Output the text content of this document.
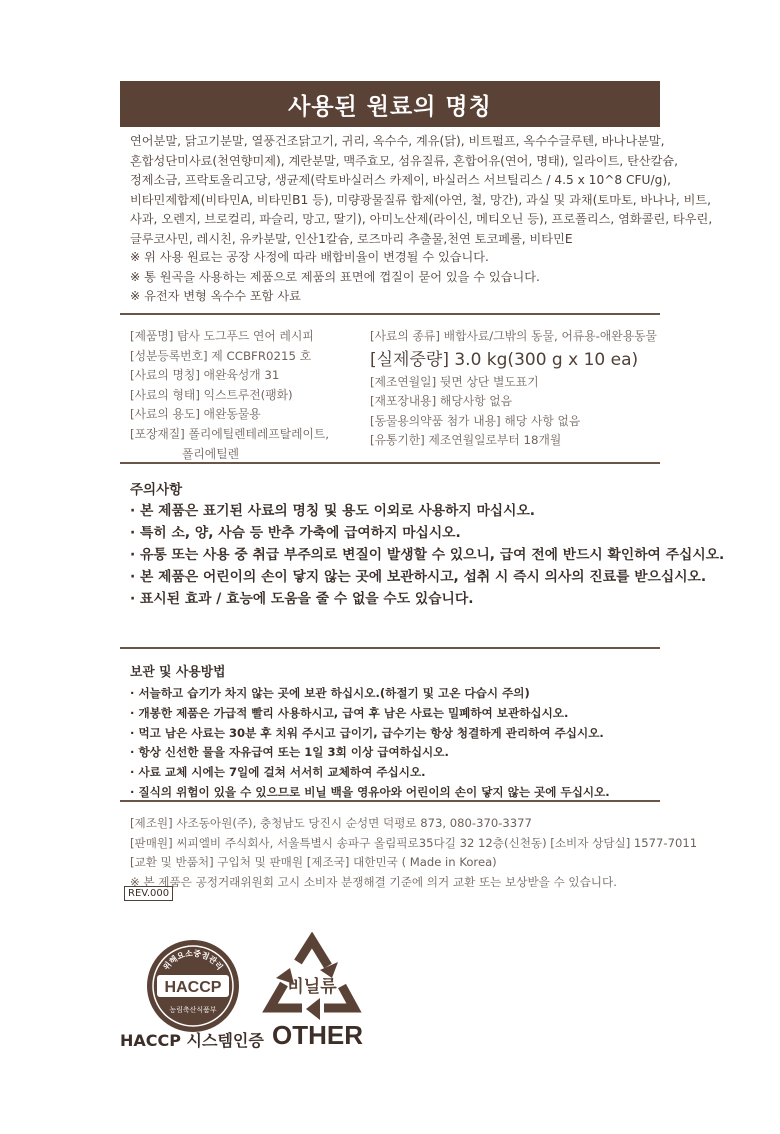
사용된 원료의 명칭
연어분말, 닭고기분말, 열풍건조닭고기, 귀리, 옥수수, 계유(닭), 비트펄프, 옥수수글루텐, 바나나분말,
혼합성단미사료(천연향미제), 계란분말, 맥주효모, 섬유질류, 혼합어유(연어, 명태), 일라이트, 탄산칼슘,
정제소금, 프락토올리고당, 생균제(락토바실러스 카제이, 바실러스 서브틸리스 / 4.5 x 10^8 CFU/g),
비타민제합제(비타민A, 비타민B1 등), 미량광물질류 합제(아연, 철, 망간), 과실 및 과채(토마토, 바나나, 비트,
사과, 오렌지, 브로컬리, 파슬리, 망고, 딸기), 아미노산제(라이신, 메티오닌 등), 프로폴리스, 염화콜린, 타우린,
글루코사민, 레시친, 유카분말, 인산1칼슘, 로즈마리 추출물,천연 토코페롤, 비타민E
※ 위 사용 원료는 공장 사정에 따라 배합비율이 변경될 수 있습니다.
※ 통 원곡을 사용하는 제품으로 제품의 표면에 껍질이 묻어 있을 수 있습니다.
※ 유전자 변형 옥수수 포함 사료
[제품명] 탐사 도그푸드 연어 레시피
[성분등록번호] 제 CCBFR0215 호
[사료의 명칭] 애완육성개 31
[사료의 형태] 익스트루전(팽화)
[사료의 용도] 애완동물용
[포장재질] 폴리에틸렌테레프탈레이트,
폴리에틸렌
[사료의 종류] 배합사료/그밖의 동물, 어류용-애완용동물
[실제중량] 3.0 kg(300 g x 10 ea)
[제조연월일] 뒷면 상단 별도표기
[재포장내용] 해당사항 없음
[동물용의약품 첨가 내용] 해당 사항 없음
[유통기한] 제조연월일로부터 18개월
주의사항
· 본 제품은 표기된 사료의 명칭 및 용도 이외로 사용하지 마십시오.
· 특히 소, 양, 사슴 등 반추 가축에 급여하지 마십시오.
· 유통 또는 사용 중 취급 부주의로 변질이 발생할 수 있으니, 급여 전에 반드시 확인하여 주십시오.
· 본 제품은 어린이의 손이 닿지 않는 곳에 보관하시고, 섭취 시 즉시 의사의 진료를 받으십시오.
· 표시된 효과 / 효능에 도움을 줄 수 없을 수도 있습니다.
보관 및 사용방법
· 서늘하고 습기가 차지 않는 곳에 보관 하십시오.(하절기 및 고온 다습시 주의)
· 개봉한 제품은 가급적 빨리 사용하시고, 급여 후 남은 사료는 밀폐하여 보관하십시오.
· 먹고 남은 사료는 30분 후 치워 주시고 급이기, 급수기는 항상 청결하게 관리하여 주십시오.
· 항상 신선한 물을 자유급여 또는 1일 3회 이상 급여하십시오.
· 사료 교체 시에는 7일에 걸쳐 서서히 교체하여 주십시오.
· 질식의 위험이 있을 수 있으므로 비닐 백을 영유아와 어린이의 손이 닿지 않는 곳에 두십시오.
[제조원] 사조동아원(주), 충청남도 당진시 순성면 덕평로 873, 080-370-3377
[판매원] 씨피엘비 주식회사, 서울특별시 송파구 올림픽로35다길 32 12층(신천동) [소비자 상담실] 1577-7011
[교환 및 반품처] 구입처 및 판매원 [제조국] 대한민국 ( Made in Korea)
※ 본 제품은 공정거래위원회 고시 소비자 분쟁해결 기준에 의거 교환 또는 보상받을 수 있습니다.
REV.000
HACCP
위해요소중점관리
농림축산식품부
HACCP 시스템인증
비닐류
OTHER
